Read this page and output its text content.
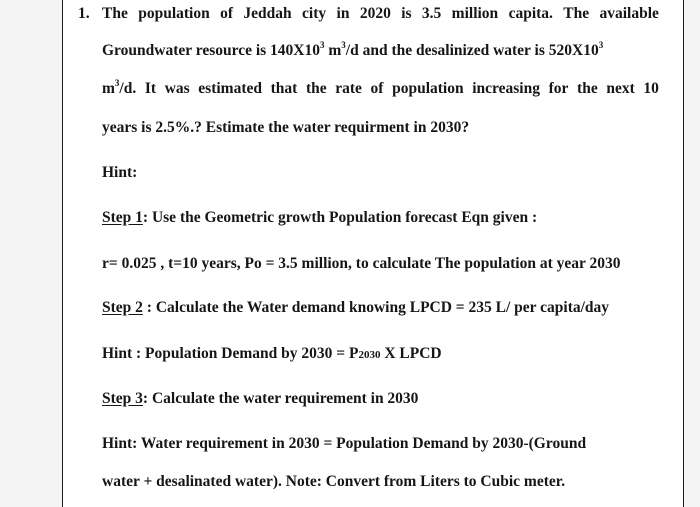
1. The population of Jeddah city in 2020 is 3.5 million capita. The available
Groundwater resource is $140X10^3$ $m^3/d$ and the desalinized water is $520X10^3$
$m^3/d$. It was estimated that the rate of population increasing for the next 10
years is 2.5%.? Estimate the water requirment in 2030?
Hint:
Step 1: Use the Geometric growth Population forecast Eqn given :
r= 0.025 , t=10 years, Po = 3.5 million, to calculate The population at year 2030
Step 2 : Calculate the Water demand knowing LPCD = 235 L/ per capita/day
Hint : Population Demand by 2030 = P2030 X LPCD
Step 3: Calculate the water requirement in 2030
Hint: Water requirement in 2030 = Population Demand by 2030-(Ground
water + desalinated water). Note: Convert from Liters to Cubic meter.
